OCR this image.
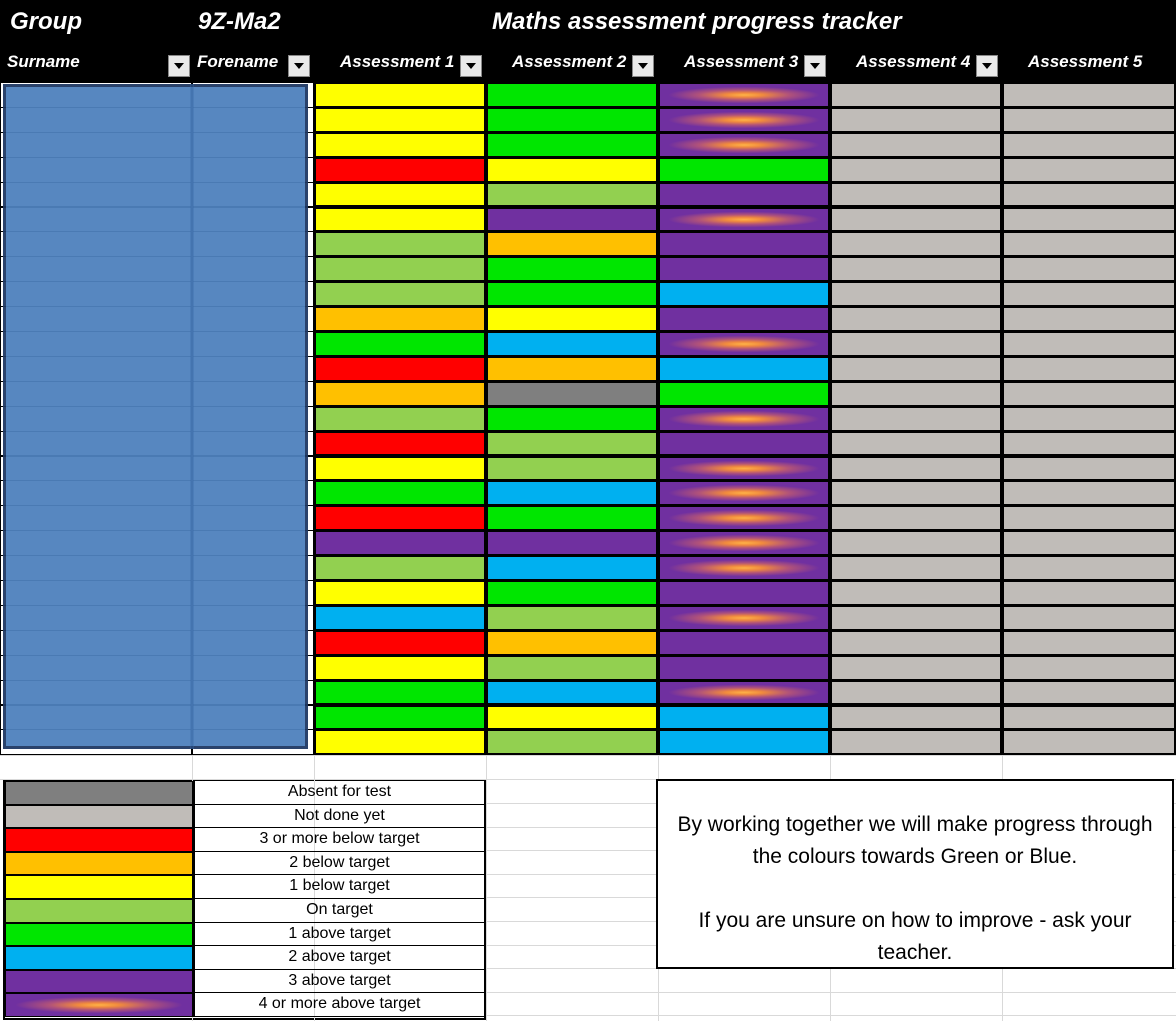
Group	9Z-Ma2	Maths assessment progress tracker
Surname	Forename	Assessment 1	Assessment 2	Assessment 3	Assessment 4	Assessment 5
Absent for test
Not done yet
3 or more below target
2 below target
1 below target
On target
1 above target
2 above target
3 above target
4 or more above target
By working together we will make progress through the colours towards Green or Blue.
If you are unsure on how to improve - ask your teacher.
